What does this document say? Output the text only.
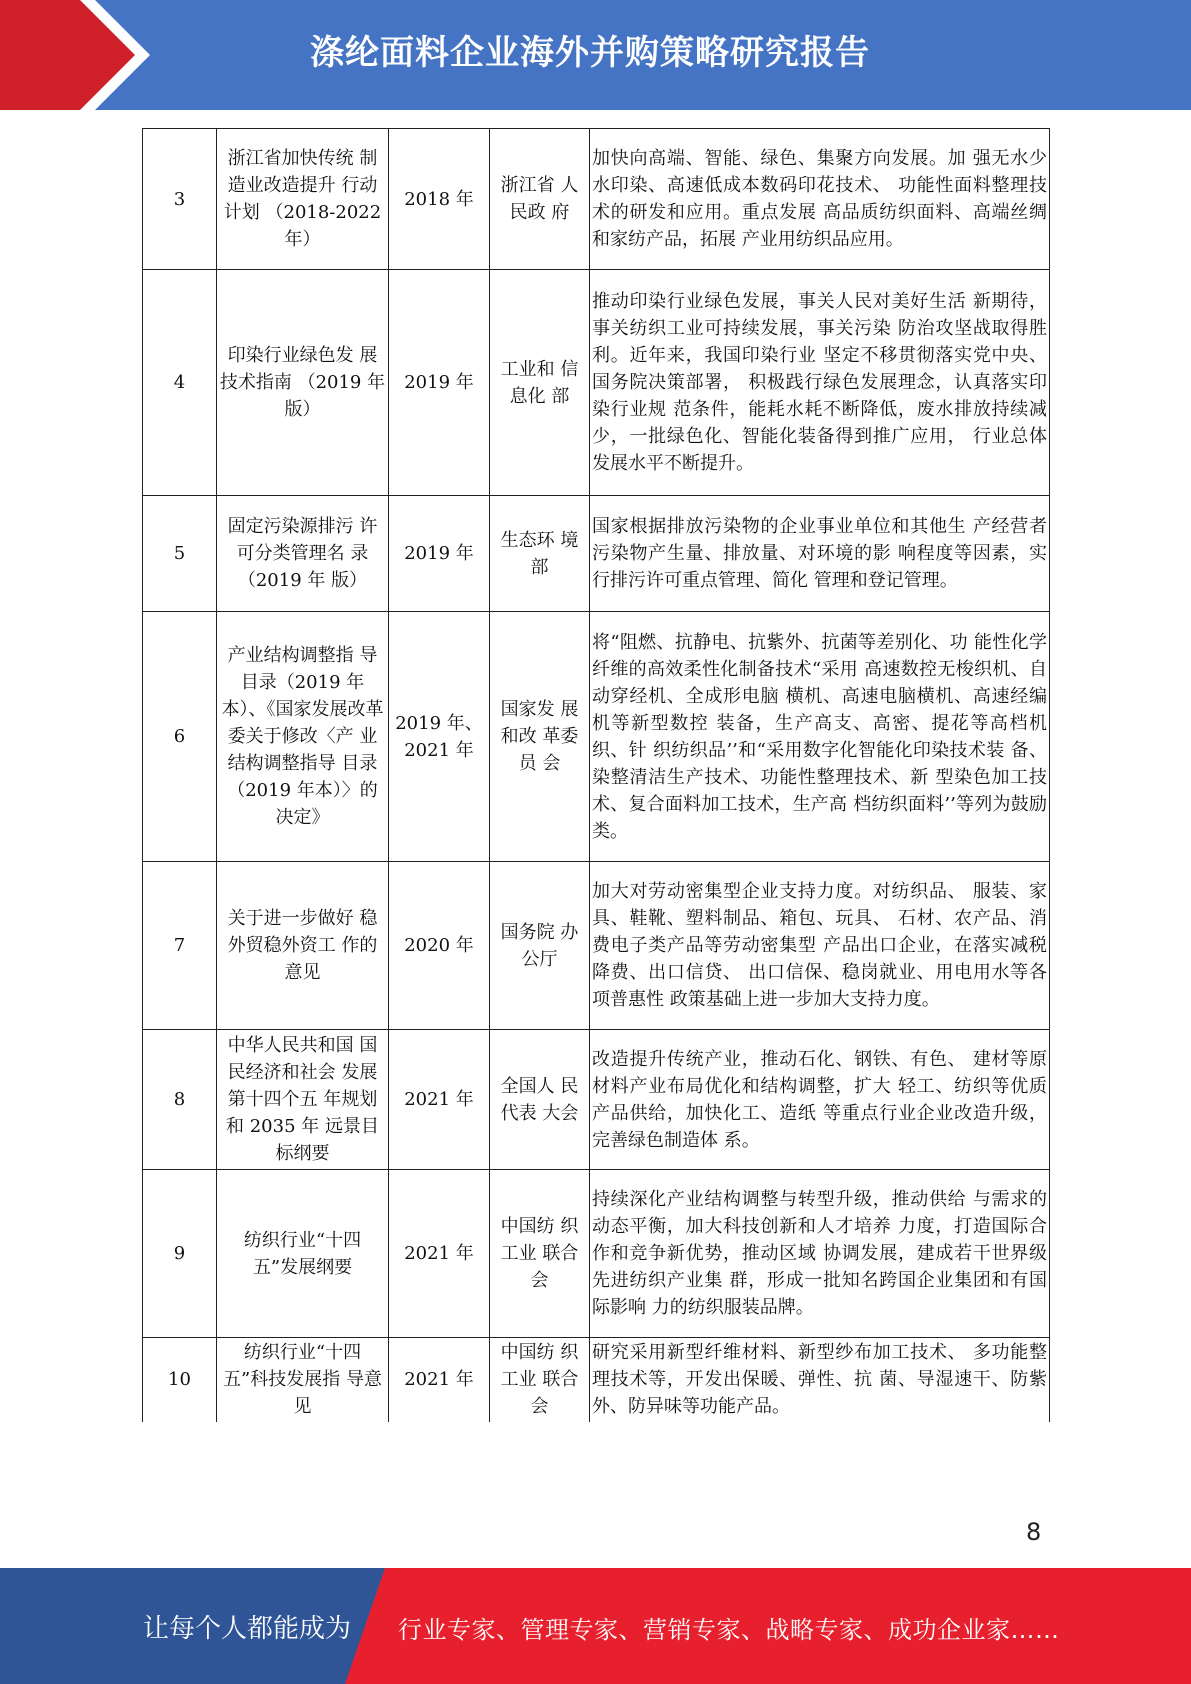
涤纶面料企业海外并购策略研究报告
3	浙江省加快传统 制造业改造提升 行动计划 （2018-2022 年）	2018 年	浙江省 人民政 府	加快向高端、智能、绿色、集聚方向发展。加 强无水少水印染、高速低成本数码印花技术、 功能性面料整理技术的研发和应用。重点发展 高品质纺织面料、高端丝绸和家纺产品，拓展 产业用纺织品应用。
4	印染行业绿色发 展技术指南 （2019 年版）	2019 年	工业和 信息化 部	推动印染行业绿色发展，事关人民对美好生活 新期待，事关纺织工业可持续发展，事关污染 防治攻坚战取得胜利。近年来，我国印染行业 坚定不移贯彻落实党中央、国务院决策部署， 积极践行绿色发展理念，认真落实印染行业规 范条件，能耗水耗不断降低，废水排放持续减 少，一批绿色化、智能化装备得到推广应用， 行业总体发展水平不断提升。
5	固定污染源排污 许可分类管理名 录（2019 年 版）	2019 年	生态环 境部	国家根据排放污染物的企业事业单位和其他生 产经营者污染物产生量、排放量、对环境的影 响程度等因素，实行排污许可重点管理、简化 管理和登记管理。
6	产业结构调整指 导目录（2019 年本）、《国家发展改革 委关于修改〈产 业结构调整指导 目录（2019 年本）〉的决定》	2019 年、2021 年	国家发 展和改 革委员 会	将“阻燃、抗静电、抗紫外、抗菌等差别化、功 能性化学纤维的高效柔性化制备技术“采用 高速数控无梭织机、自动穿经机、全成形电脑 横机、高速电脑横机、高速经编机等新型数控 装备，生产高支、高密、提花等高档机织、针 织纺织品’’和“采用数字化智能化印染技术装 备、染整清洁生产技术、功能性整理技术、新 型染色加工技术、复合面料加工技术，生产高 档纺织面料’’等列为鼓励类。
7	关于进一步做好 稳外贸稳外资工 作的意见	2020 年	国务院 办公厅	加大对劳动密集型企业支持力度。对纺织品、 服装、家具、鞋靴、塑料制品、箱包、玩具、 石材、农产品、消费电子类产品等劳动密集型 产品出口企业，在落实减税降费、出口信贷、 出口信保、稳岗就业、用电用水等各项普惠性 政策基础上进一步加大支持力度。
8	中华人民共和国 国民经济和社会 发展第十四个五 年规划和 2035 年 远景目标纲要	2021 年	全国人 民代表 大会	改造提升传统产业，推动石化、钢铁、有色、 建材等原材料产业布局优化和结构调整，扩大 轻工、纺织等优质产品供给，加快化工、造纸 等重点行业企业改造升级，完善绿色制造体 系。
9	纺织行业“十四 五”发展纲要	2021 年	中国纺 织工业 联合会	持续深化产业结构调整与转型升级，推动供给 与需求的动态平衡，加大科技创新和人才培养 力度，打造国际合作和竞争新优势，推动区域 协调发展，建成若干世界级先进纺织产业集 群，形成一批知名跨国企业集团和有国际影响 力的纺织服装品牌。
10	纺织行业“十四 五”科技发展指 导意见	2021 年	中国纺 织工业 联合会	研究采用新型纤维材料、新型纱布加工技术、 多功能整理技术等，开发出保暖、弹性、抗 菌、导湿速干、防紫外、防异味等功能产品。
8
让每个人都能成为 行业专家、管理专家、营销专家、战略专家、成功企业家……
